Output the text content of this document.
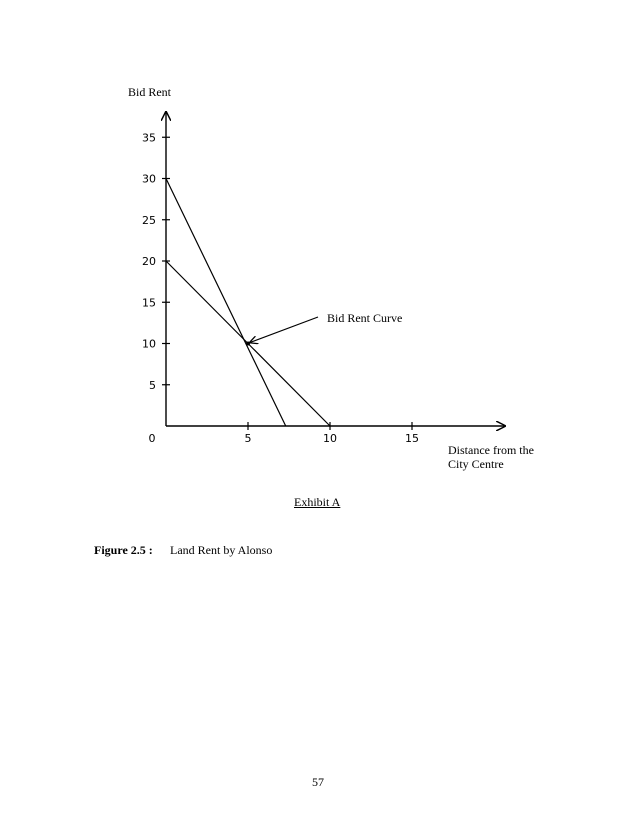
5
10
15
20
25
30
35
5	10	15
0
Bid Rent
Distance from the
City Centre
Bid Rent Curve
Exhibit A
Figure 2.5 : Land Rent by Alonso
57
